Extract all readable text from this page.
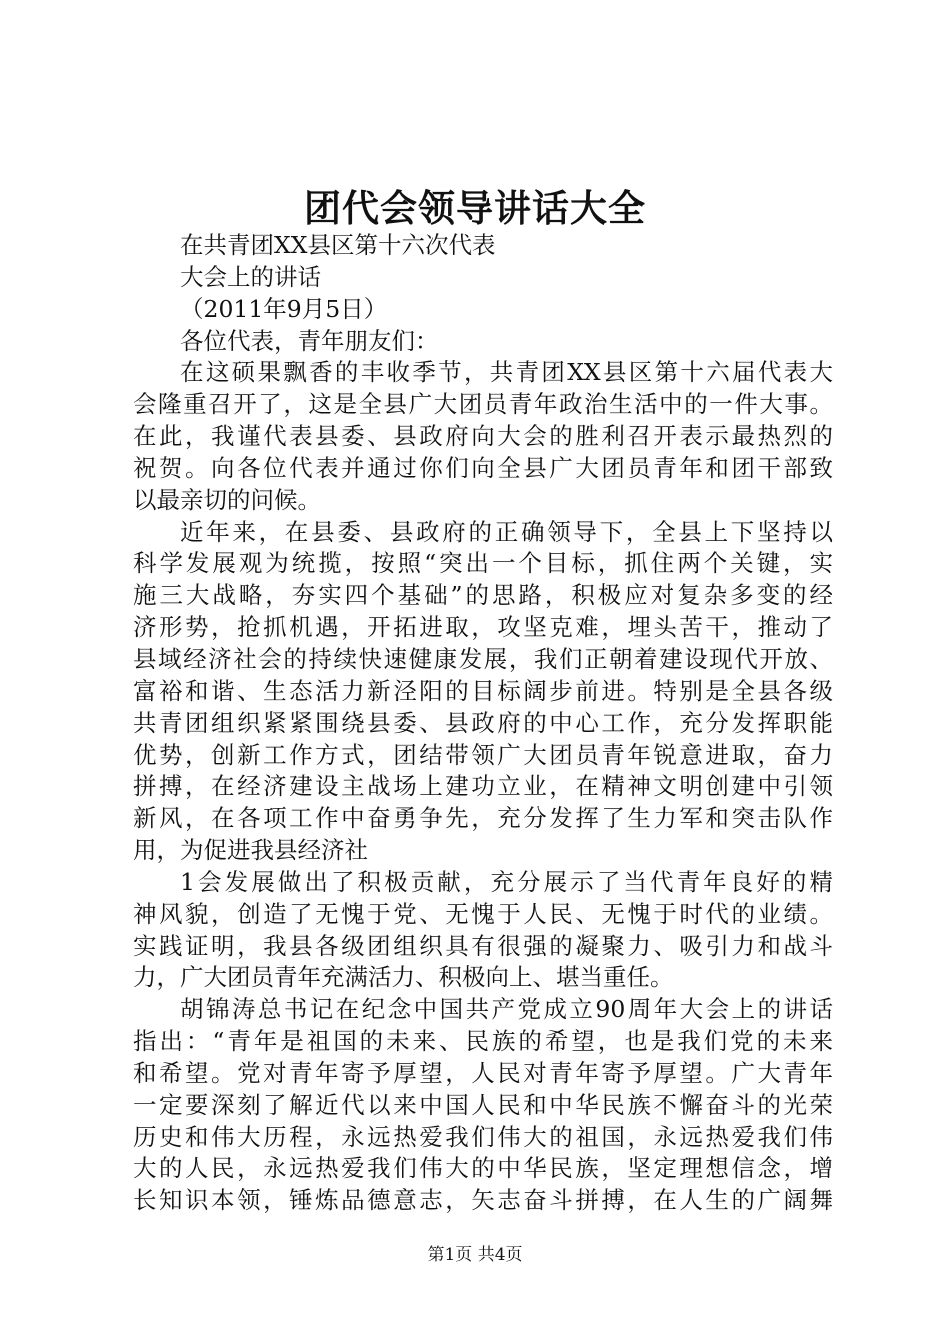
团代会领导讲话大全
在共青团XX县区第十六次代表
大会上的讲话
（2011年9月5日）
各位代表，青年朋友们：
在这硕果飘香的丰收季节，共青团XX县区第十六届代表大
会隆重召开了，这是全县广大团员青年政治生活中的一件大事。
在此，我谨代表县委、县政府向大会的胜利召开表示最热烈的
祝贺。向各位代表并通过你们向全县广大团员青年和团干部致
以最亲切的问候。
近年来，在县委、县政府的正确领导下，全县上下坚持以
科学发展观为统揽，按照“突出一个目标，抓住两个关键，实
施三大战略，夯实四个基础”的思路，积极应对复杂多变的经
济形势，抢抓机遇，开拓进取，攻坚克难，埋头苦干，推动了
县域经济社会的持续快速健康发展，我们正朝着建设现代开放、
富裕和谐、生态活力新泾阳的目标阔步前进。特别是全县各级
共青团组织紧紧围绕县委、县政府的中心工作，充分发挥职能
优势，创新工作方式，团结带领广大团员青年锐意进取，奋力
拼搏，在经济建设主战场上建功立业，在精神文明创建中引领
新风，在各项工作中奋勇争先，充分发挥了生力军和突击队作
用，为促进我县经济社
1会发展做出了积极贡献，充分展示了当代青年良好的精
神风貌，创造了无愧于党、无愧于人民、无愧于时代的业绩。
实践证明，我县各级团组织具有很强的凝聚力、吸引力和战斗
力，广大团员青年充满活力、积极向上、堪当重任。
胡锦涛总书记在纪念中国共产党成立90周年大会上的讲话
指出：“青年是祖国的未来、民族的希望，也是我们党的未来
和希望。党对青年寄予厚望，人民对青年寄予厚望。广大青年
一定要深刻了解近代以来中国人民和中华民族不懈奋斗的光荣
历史和伟大历程，永远热爱我们伟大的祖国，永远热爱我们伟
大的人民，永远热爱我们伟大的中华民族，坚定理想信念，增
长知识本领，锤炼品德意志，矢志奋斗拼搏，在人生的广阔舞
第1页 共4页
